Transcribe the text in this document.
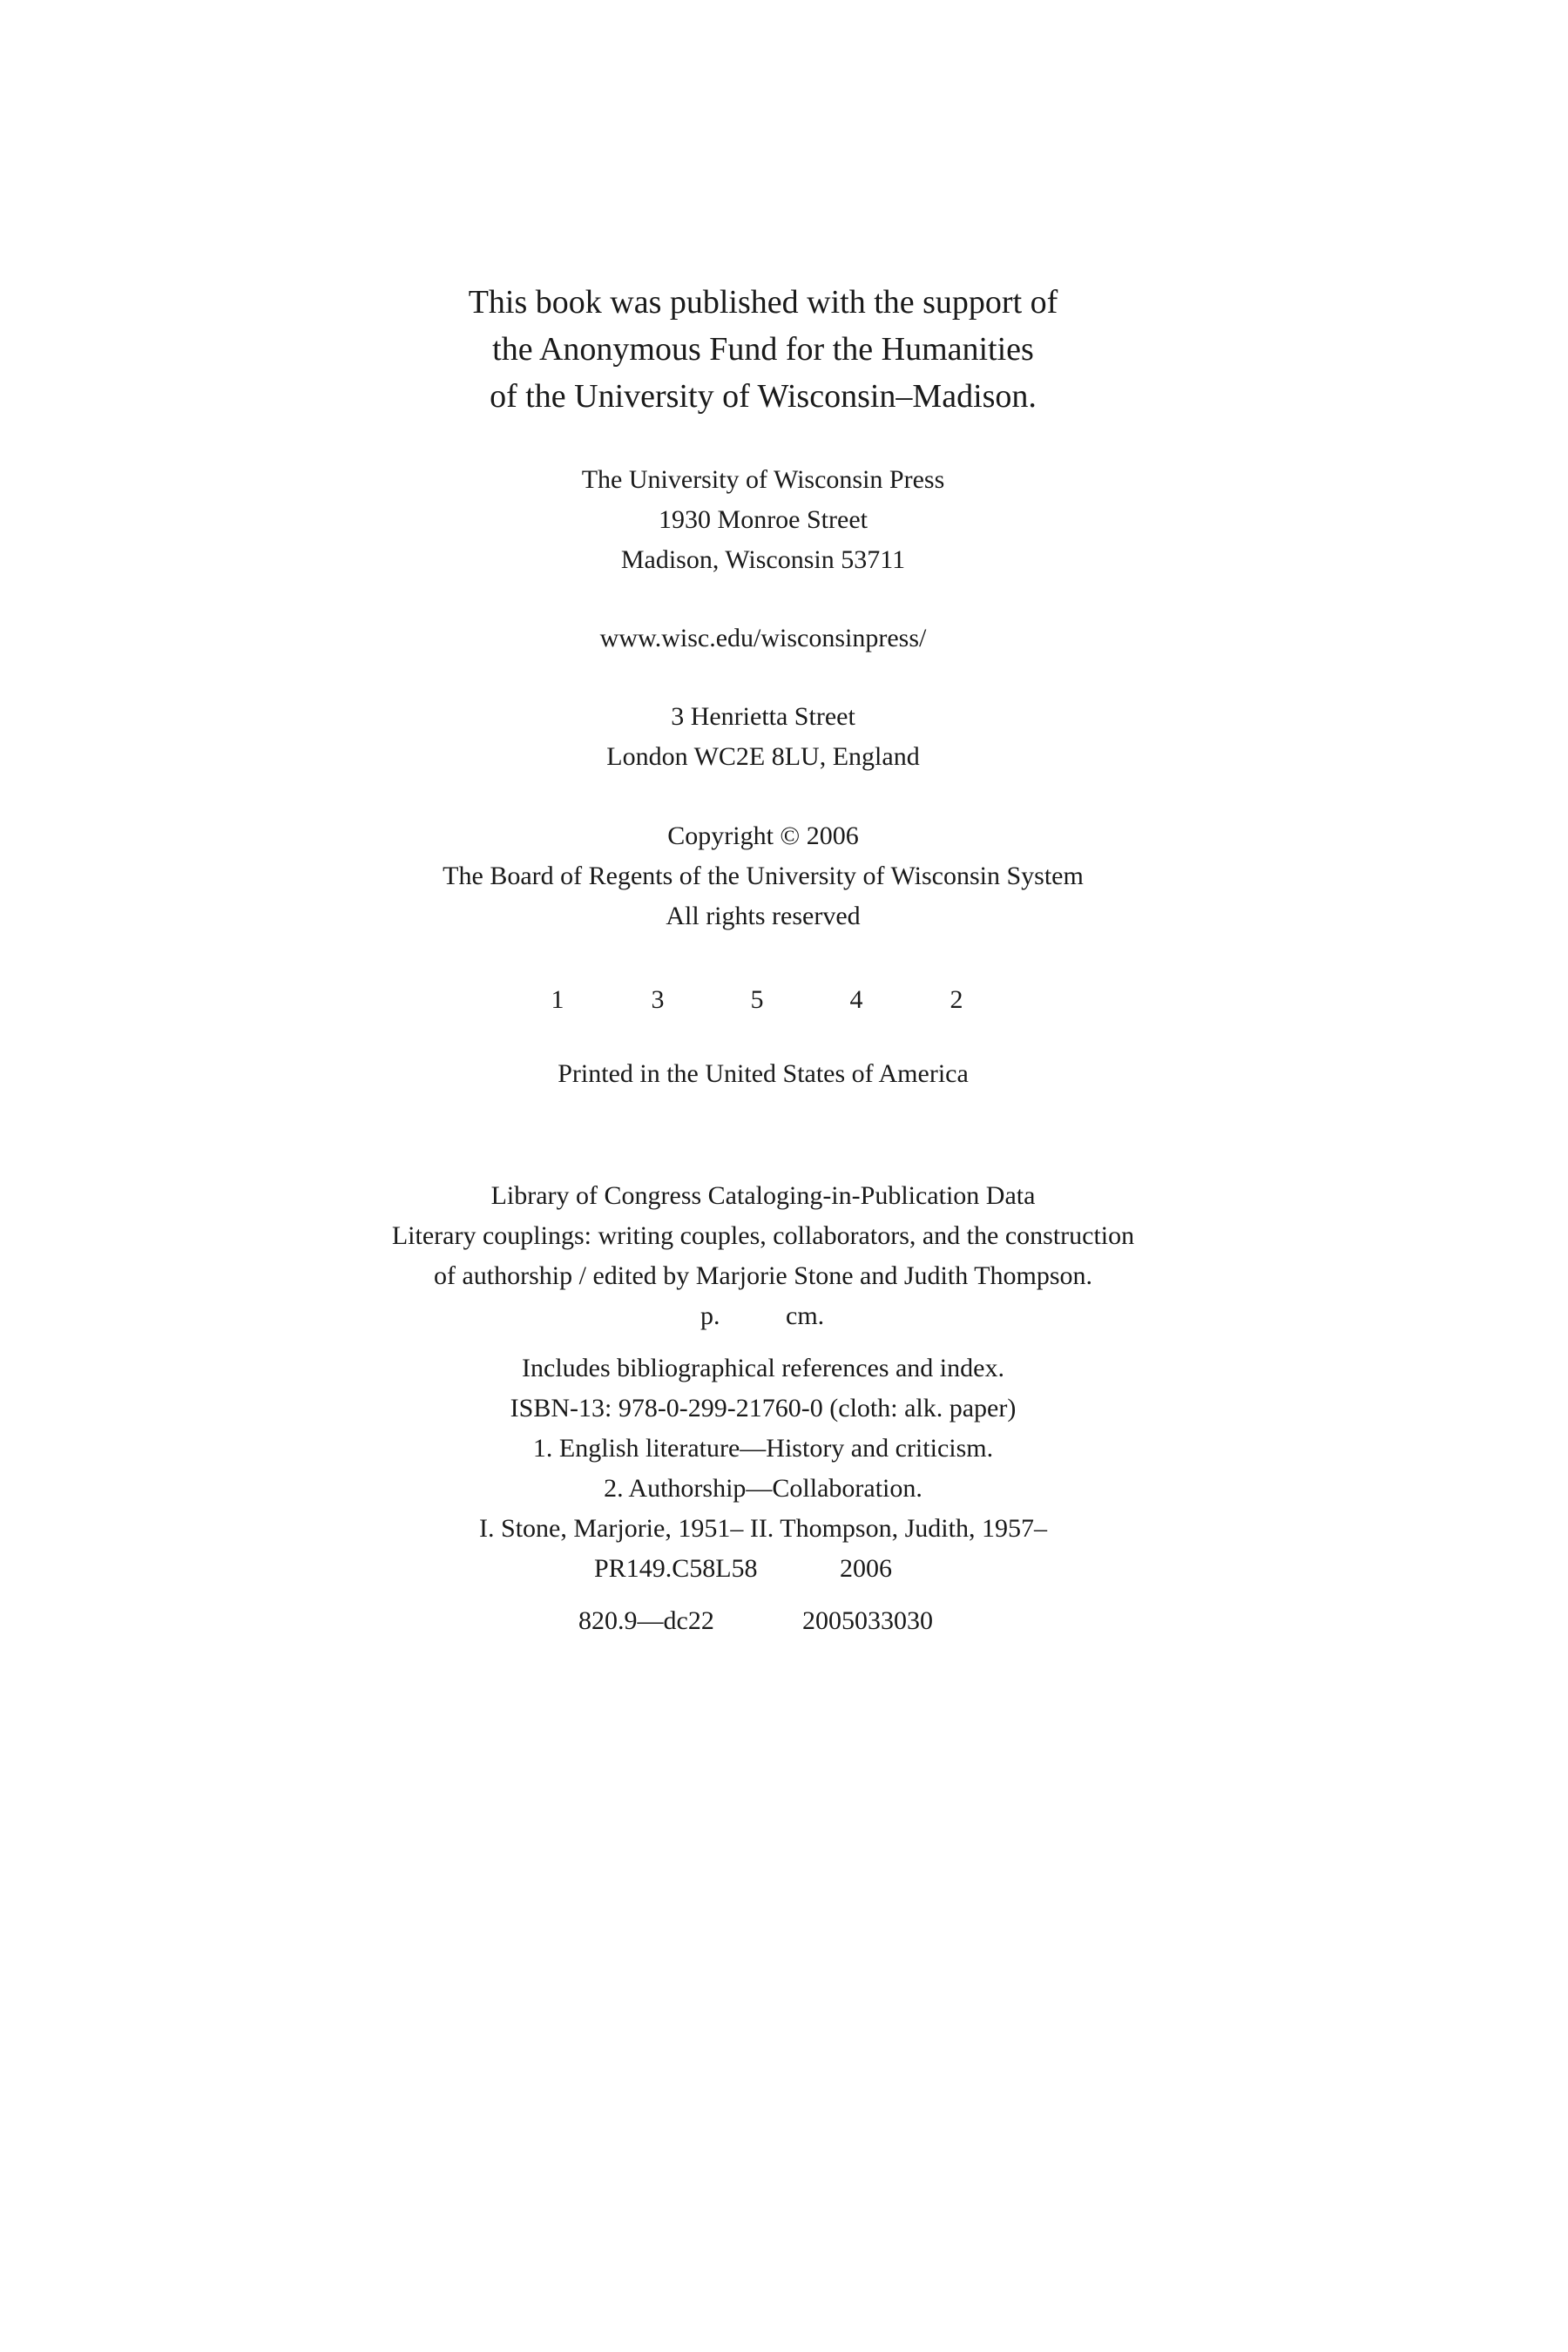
This book was published with the support of
the Anonymous Fund for the Humanities
of the University of Wisconsin–Madison.
The University of Wisconsin Press
1930 Monroe Street
Madison, Wisconsin 53711
www.wisc.edu/wisconsinpress/
3 Henrietta Street
London WC2E 8LU, England
Copyright © 2006
The Board of Regents of the University of Wisconsin System
All rights reserved
1	3	5	4	2
Printed in the United States of America
Library of Congress Cataloging-in-Publication Data
Literary couplings: writing couples, collaborators, and the construction
of authorship / edited by Marjorie Stone and Judith Thompson.
p.	cm.
Includes bibliographical references and index.
ISBN-13: 978-0-299-21760-0 (cloth: alk. paper)
1. English literature—History and criticism.
2. Authorship—Collaboration.
I. Stone, Marjorie, 1951– II. Thompson, Judith, 1957–
PR149.C58L58	2006
820.9—dc22	2005033030
